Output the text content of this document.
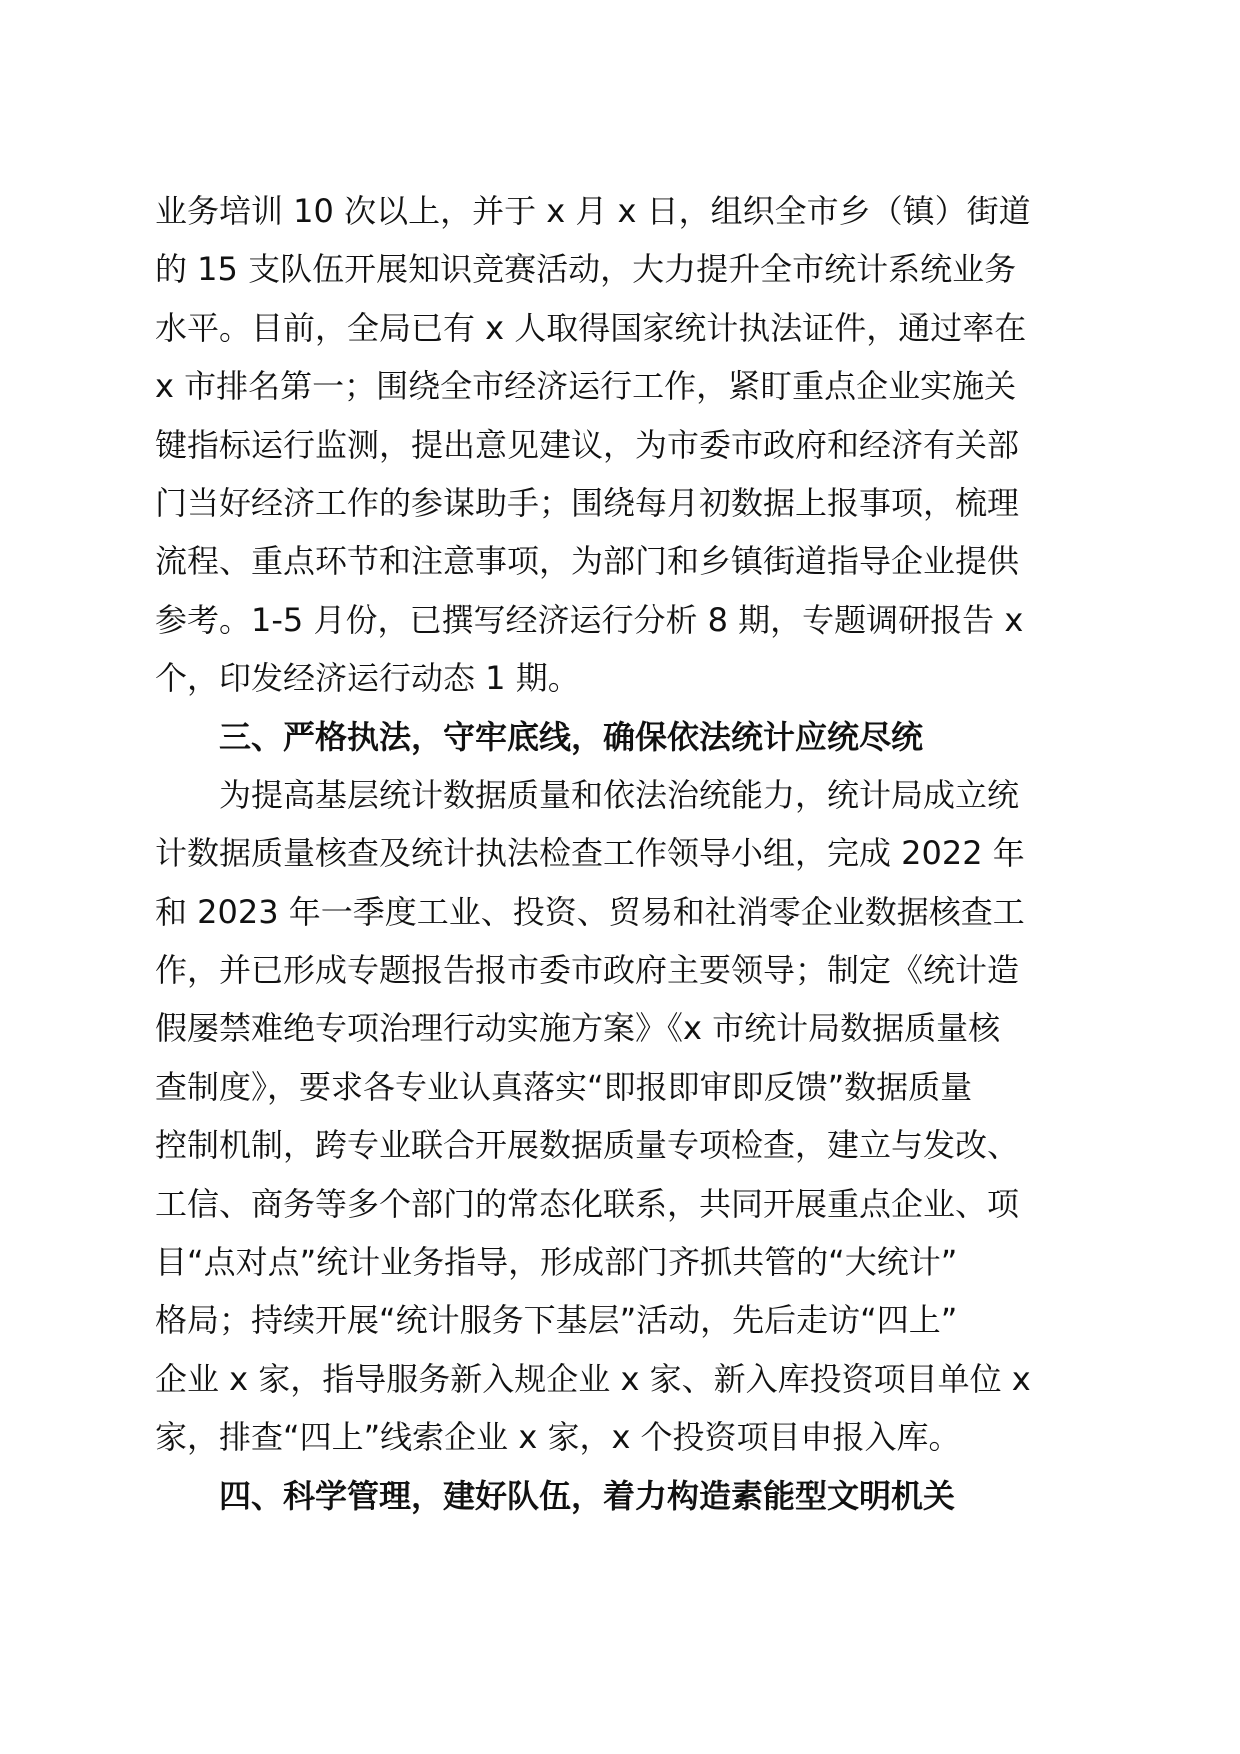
业务培训 10 次以上，并于 x 月 x 日，组织全市乡（镇）街道
的 15 支队伍开展知识竞赛活动，大力提升全市统计系统业务
水平。目前，全局已有 x 人取得国家统计执法证件，通过率在
x 市排名第一；围绕全市经济运行工作，紧盯重点企业实施关
键指标运行监测，提出意见建议，为市委市政府和经济有关部
门当好经济工作的参谋助手；围绕每月初数据上报事项，梳理
流程、重点环节和注意事项，为部门和乡镇街道指导企业提供
参考。1-5 月份，已撰写经济运行分析 8 期，专题调研报告 x
个，印发经济运行动态 1 期。
三、严格执法，守牢底线，确保依法统计应统尽统
为提高基层统计数据质量和依法治统能力，统计局成立统
计数据质量核查及统计执法检查工作领导小组，完成 2022 年
和 2023 年一季度工业、投资、贸易和社消零企业数据核查工
作，并已形成专题报告报市委市政府主要领导；制定《统计造
假屡禁难绝专项治理行动实施方案》《x 市统计局数据质量核
查制度》，要求各专业认真落实“即报即审即反馈”数据质量
控制机制，跨专业联合开展数据质量专项检查，建立与发改、
工信、商务等多个部门的常态化联系，共同开展重点企业、项
目“点对点”统计业务指导，形成部门齐抓共管的“大统计”
格局；持续开展“统计服务下基层”活动，先后走访“四上”
企业 x 家，指导服务新入规企业 x 家、新入库投资项目单位 x
家，排查“四上”线索企业 x 家，x 个投资项目申报入库。
四、科学管理，建好队伍，着力构造素能型文明机关
